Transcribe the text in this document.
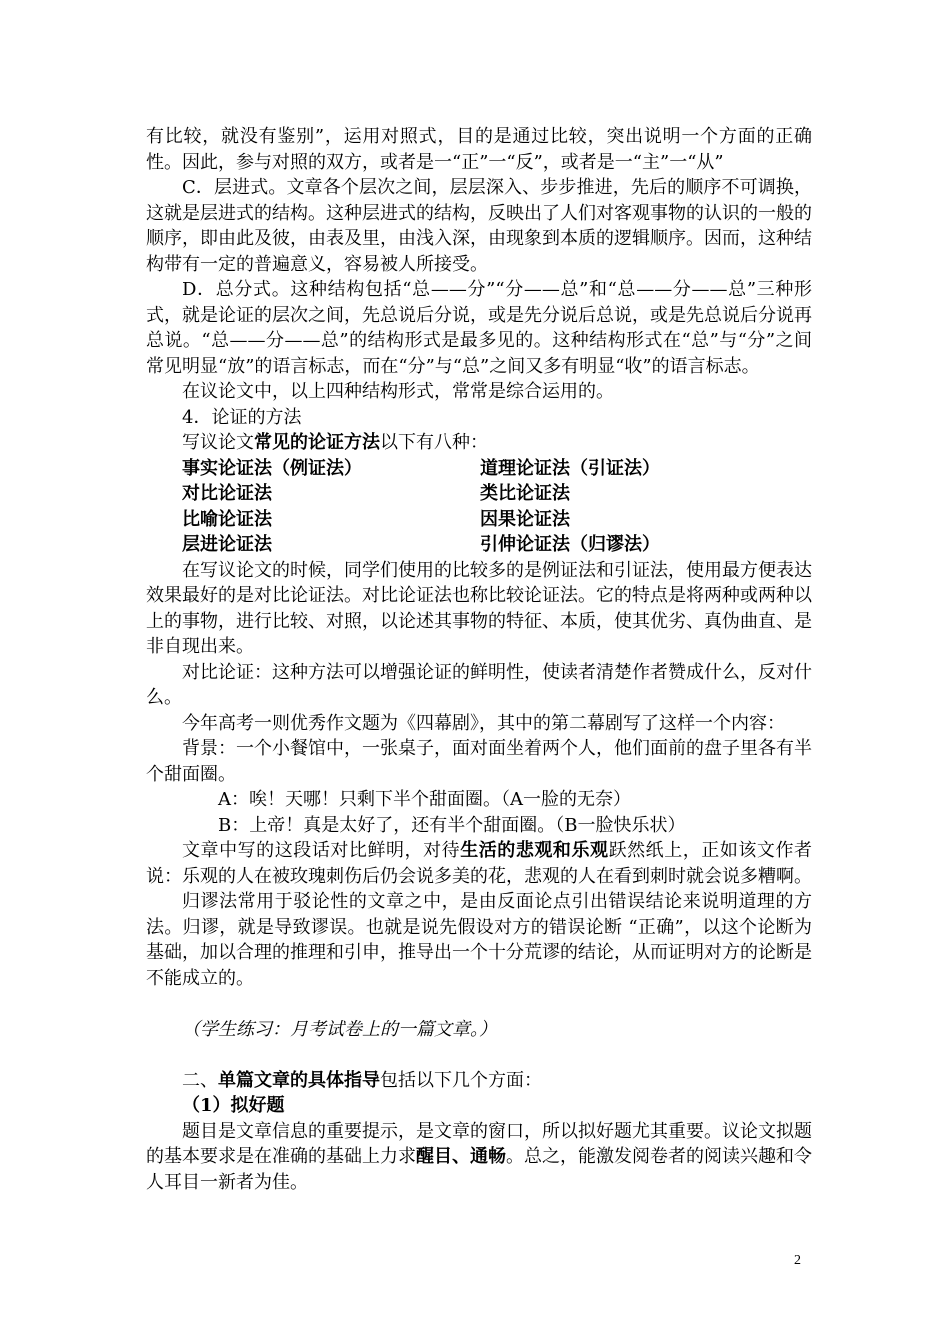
有比较，就没有鉴别”，运用对照式，目的是通过比较，突出说明一个方面的正确性。因此，参与对照的双方，或者是一“正”一“反”，或者是一“主”一“从”

C．层进式。文章各个层次之间，层层深入、步步推进，先后的顺序不可调换，这就是层进式的结构。这种层进式的结构，反映出了人们对客观事物的认识的一般的顺序，即由此及彼，由表及里，由浅入深，由现象到本质的逻辑顺序。因而，这种结构带有一定的普遍意义，容易被人所接受。

D．总分式。这种结构包括“总——分”“分——总”和“总——分——总”三种形式，就是论证的层次之间，先总说后分说，或是先分说后总说，或是先总说后分说再总说。“总——分——总”的结构形式是最多见的。这种结构形式在“总”与“分”之间常见明显“放”的语言标志，而在“分”与“总”之间又多有明显“收”的语言标志。

在议论文中，以上四种结构形式，常常是综合运用的。

4．论证的方法

写议论文常见的论证方法以下有八种：

事实论证法（例证法）	道理论证法（引证法）
对比论证法	类比论证法
比喻论证法	因果论证法
层进论证法	引伸论证法（归谬法）

在写议论文的时候，同学们使用的比较多的是例证法和引证法，使用最方便表达效果最好的是对比论证法。对比论证法也称比较论证法。它的特点是将两种或两种以上的事物，进行比较、对照，以论述其事物的特征、本质，使其优劣、真伪曲直、是非自现出来。

对比论证：这种方法可以增强论证的鲜明性，使读者清楚作者赞成什么，反对什么。

今年高考一则优秀作文题为《四幕剧》，其中的第二幕剧写了这样一个内容：

背景：一个小餐馆中，一张桌子，面对面坐着两个人，他们面前的盘子里各有半个甜面圈。

A：唉！天哪！只剩下半个甜面圈。（A一脸的无奈）

B：上帝！真是太好了，还有半个甜面圈。（B一脸快乐状）

文章中写的这段话对比鲜明，对待生活的悲观和乐观跃然纸上，正如该文作者说：乐观的人在被玫瑰刺伤后仍会说多美的花，悲观的人在看到刺时就会说多糟啊。

归谬法常用于驳论性的文章之中，是由反面论点引出错误结论来说明道理的方法。归谬，就是导致谬误。也就是说先假设对方的错误论断 “正确”，以这个论断为基础，加以合理的推理和引申，推导出一个十分荒谬的结论，从而证明对方的论断是不能成立的。

（学生练习：月考试卷上的一篇文章。）

二、单篇文章的具体指导包括以下几个方面：

（1）拟好题

题目是文章信息的重要提示，是文章的窗口，所以拟好题尤其重要。议论文拟题的基本要求是在准确的基础上力求醒目、通畅。总之，能激发阅卷者的阅读兴趣和令人耳目一新者为佳。

2
